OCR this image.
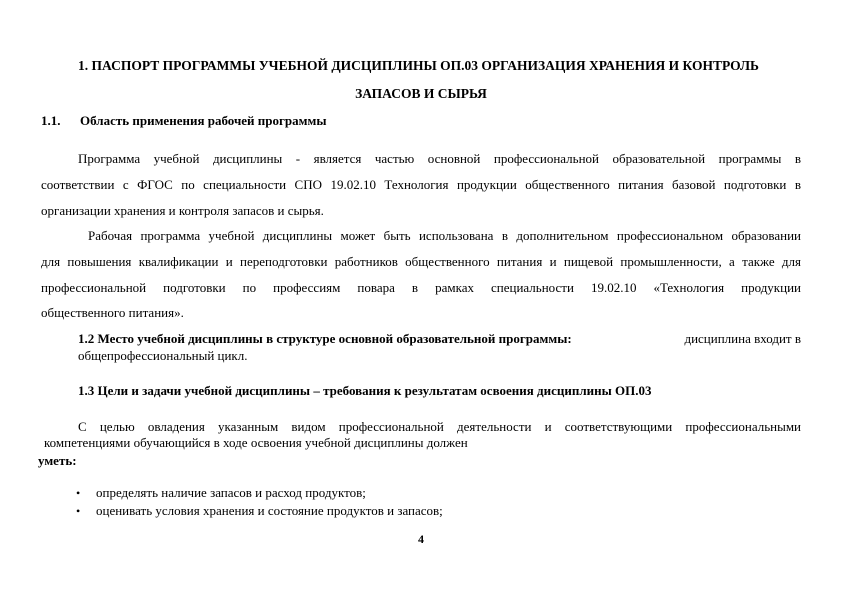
1. ПАСПОРТ ПРОГРАММЫ УЧЕБНОЙ ДИСЦИПЛИНЫ ОП.03 ОРГАНИЗАЦИЯ ХРАНЕНИЯ И КОНТРОЛЬ
ЗАПАСОВ И СЫРЬЯ
1.1. Область применения рабочей программы
Программа учебной дисциплины - является частью основной профессиональной образовательной программы в
соответствии с ФГОС по специальности СПО 19.02.10 Технология продукции общественного питания базовой подготовки в
организации хранения и контроля запасов и сырья.
Рабочая программа учебной дисциплины может быть использована в дополнительном профессиональном образовании
для повышения квалификации и переподготовки работников общественного питания и пищевой промышленности, а также для
профессиональной подготовки по профессиям повара в рамках специальности 19.02.10 «Технология продукции
общественного питания».
1.2 Место учебной дисциплины в структуре основной образовательной программы:	дисциплина входит в
общепрофессиональный цикл.
1.3 Цели и задачи учебной дисциплины – требования к результатам освоения дисциплины ОП.03
С целью овладения указанным видом профессиональной деятельности и соответствующими профессиональными
компетенциями обучающийся в ходе освоения учебной дисциплины должен
уметь:
• определять наличие запасов и расход продуктов;
• оценивать условия хранения и состояние продуктов и запасов;
4
